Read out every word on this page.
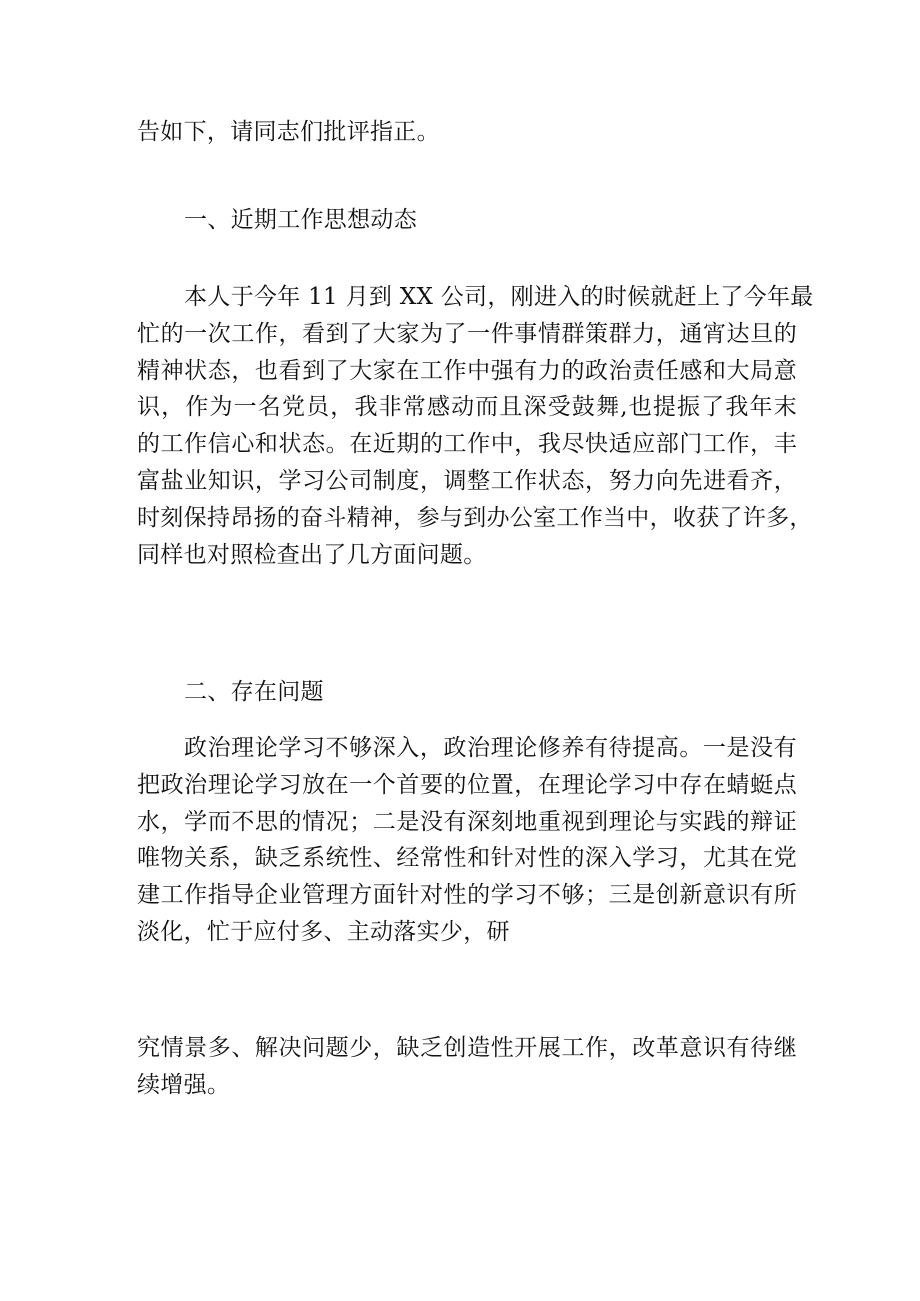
告如下，请同志们批评指正。
一、近期工作思想动态
本人于今年 11 月到 XX 公司，刚进入的时候就赶上了今年最
忙的一次工作，看到了大家为了一件事情群策群力，通宵达旦的
精神状态，也看到了大家在工作中强有力的政治责任感和大局意
识，作为一名党员，我非常感动而且深受鼓舞,也提振了我年末
的工作信心和状态。在近期的工作中，我尽快适应部门工作，丰
富盐业知识，学习公司制度，调整工作状态，努力向先进看齐，
时刻保持昂扬的奋斗精神，参与到办公室工作当中，收获了许多，
同样也对照检查出了几方面问题。
二、存在问题
政治理论学习不够深入，政治理论修养有待提高。一是没有
把政治理论学习放在一个首要的位置，在理论学习中存在蜻蜓点
水，学而不思的情况；二是没有深刻地重视到理论与实践的辩证
唯物关系，缺乏系统性、经常性和针对性的深入学习，尤其在党
建工作指导企业管理方面针对性的学习不够；三是创新意识有所
淡化，忙于应付多、主动落实少，研
究情景多、解决问题少，缺乏创造性开展工作，改革意识有待继
续增强。
